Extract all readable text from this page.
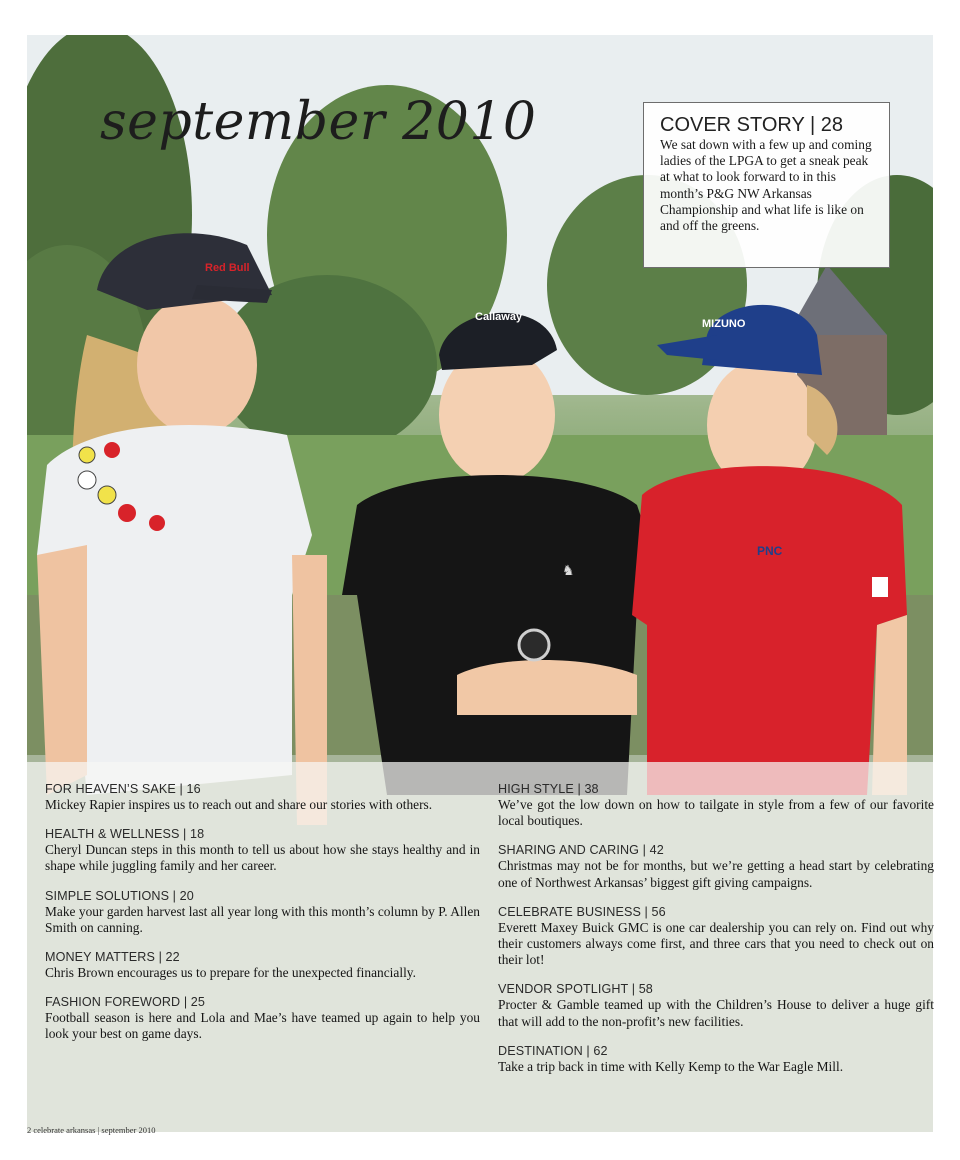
Red Bull
Callaway
♞
MIZUNO
PNC
september 2010	COVER STORY | 28
We sat down with a few up and coming ladies of the LPGA to get a sneak peak at what to look forward to in this month’s P&G NW Arkansas Championship and what life is like on and off the greens.
FOR HEAVEN’S SAKE | 16
Mickey Rapier inspires us to reach out and share our stories with others.
HEALTH & WELLNESS | 18
Cheryl Duncan steps in this month to tell us about how she stays healthy and in shape while juggling family and her career.
SIMPLE SOLUTIONS | 20
Make your garden harvest last all year long with this month’s column by P. Allen Smith on canning.
MONEY MATTERS | 22
Chris Brown encourages us to prepare for the unexpected financially.
FASHION FOREWORD | 25
Football season is here and Lola and Mae’s have teamed up again to help you look your best on game days.
HIGH STYLE | 38
We’ve got the low down on how to tailgate in style from a few of our favorite local boutiques.
SHARING AND CARING | 42
Christmas may not be for months, but we’re getting a head start by celebrating one of Northwest Arkansas’ biggest gift giving campaigns.
CELEBRATE BUSINESS | 56
Everett Maxey Buick GMC is one car dealership you can rely on. Find out why their customers always come first, and three cars that you need to check out on their lot!
VENDOR SPOTLIGHT | 58
Procter & Gamble teamed up with the Children’s House to deliver a huge gift that will add to the non-profit’s new facilities.
DESTINATION | 62
Take a trip back in time with Kelly Kemp to the War Eagle Mill.
2 celebrate arkansas | september 2010
